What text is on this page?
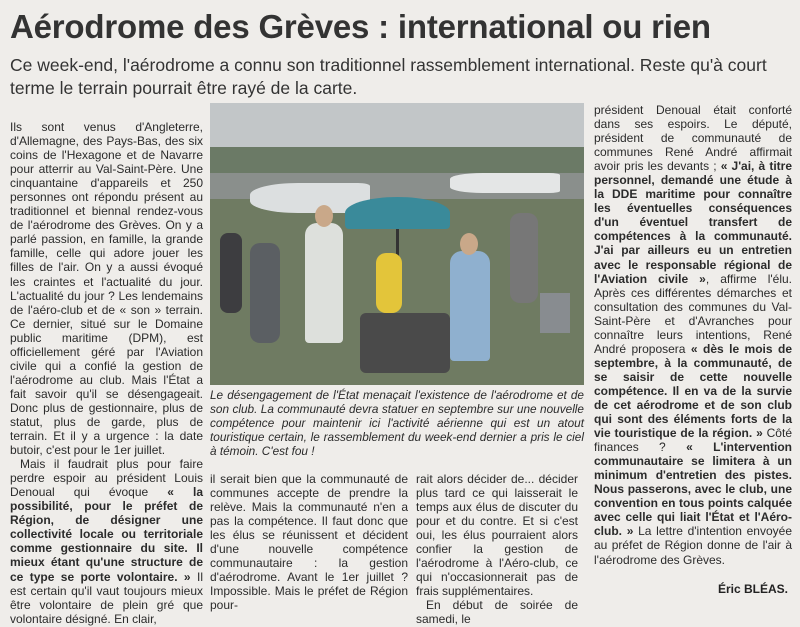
Aérodrome des Grèves : international ou rien
Ce week-end, l'aérodrome a connu son traditionnel rassemblement international. Reste qu'à court terme le terrain pourrait être rayé de la carte.

Ils sont venus d'Angleterre, d'Allemagne, des Pays-Bas, des six coins de l'Hexagone et de Navarre pour atterrir au Val-Saint-Père. Une cinquantaine d'appareils et 250 personnes ont répondu présent au traditionnel et biennal rendez-vous de l'aérodrome des Grèves. On y a parlé passion, en famille, la grande famille, celle qui adore jouer les filles de l'air. On y a aussi évoqué les craintes et l'actualité du jour. L'actualité du jour ? Les lendemains de l'aéro-club et de « son » terrain. Ce dernier, situé sur le Domaine public maritime (DPM), est officiellement géré par l'Aviation civile qui a confié la gestion de l'aérodrome au club. Mais l'État a fait savoir qu'il se désengageait. Donc plus de gestionnaire, plus de statut, plus de garde, plus de terrain. Et il y a urgence : la date butoir, c'est pour le 1er juillet.

Mais il faudrait plus pour faire perdre espoir au président Louis Denoual qui évoque « la possibilité, pour le préfet de Région, de désigner une collectivité locale ou territoriale comme gestionnaire du site. Il mieux étant qu'une structure de ce type se porte volontaire. » Il est certain qu'il vaut toujours mieux être volontaire de plein gré que volontaire désigné. En clair,

Le désengagement de l'État menaçait l'existence de l'aérodrome et de son club. La communauté devra statuer en septembre sur une nouvelle compétence pour maintenir ici l'activité aérienne qui est un atout touristique certain, le rassemblement du week-end dernier a pris le ciel à témoin. C'est fou !

il serait bien que la communauté de communes accepte de prendre la relève. Mais la communauté n'en a pas la compétence. Il faut donc que les élus se réunissent et décident d'une nouvelle compétence communautaire : la gestion d'aérodrome. Avant le 1er juillet ? Impossible. Mais le préfet de Région pour-

rait alors décider de... décider plus tard ce qui laisserait le temps aux élus de discuter du pour et du contre. Et si c'est oui, les élus pourraient alors confier la gestion de l'aérodrome à l'Aéro-club, ce qui n'occasionnerait pas de frais supplémentaires.

En début de soirée de samedi, le

président Denoual était conforté dans ses espoirs. Le député, président de communauté de communes René André affirmait avoir pris les devants ; « J'ai, à titre personnel, demandé une étude à la DDE maritime pour connaître les éventuelles conséquences d'un éventuel transfert de compétences à la communauté. J'ai par ailleurs eu un entretien avec le responsable régional de l'Aviation civile », affirme l'élu. Après ces différentes démarches et consultation des communes du Val-Saint-Père et d'Avranches pour connaître leurs intentions, René André proposera « dès le mois de septembre, à la communauté, de se saisir de cette nouvelle compétence. Il en va de la survie de cet aérodrome et de son club qui sont des éléments forts de la vie touristique de la région. » Côté finances ? « L'intervention communautaire se limitera à un minimum d'entretien des pistes. Nous passerons, avec le club, une convention en tous points calquée avec celle qui liait l'État et l'Aéro-club. » La lettre d'intention envoyée au préfet de Région donne de l'air à l'aérodrome des Grèves.

Éric BLÉAS.
